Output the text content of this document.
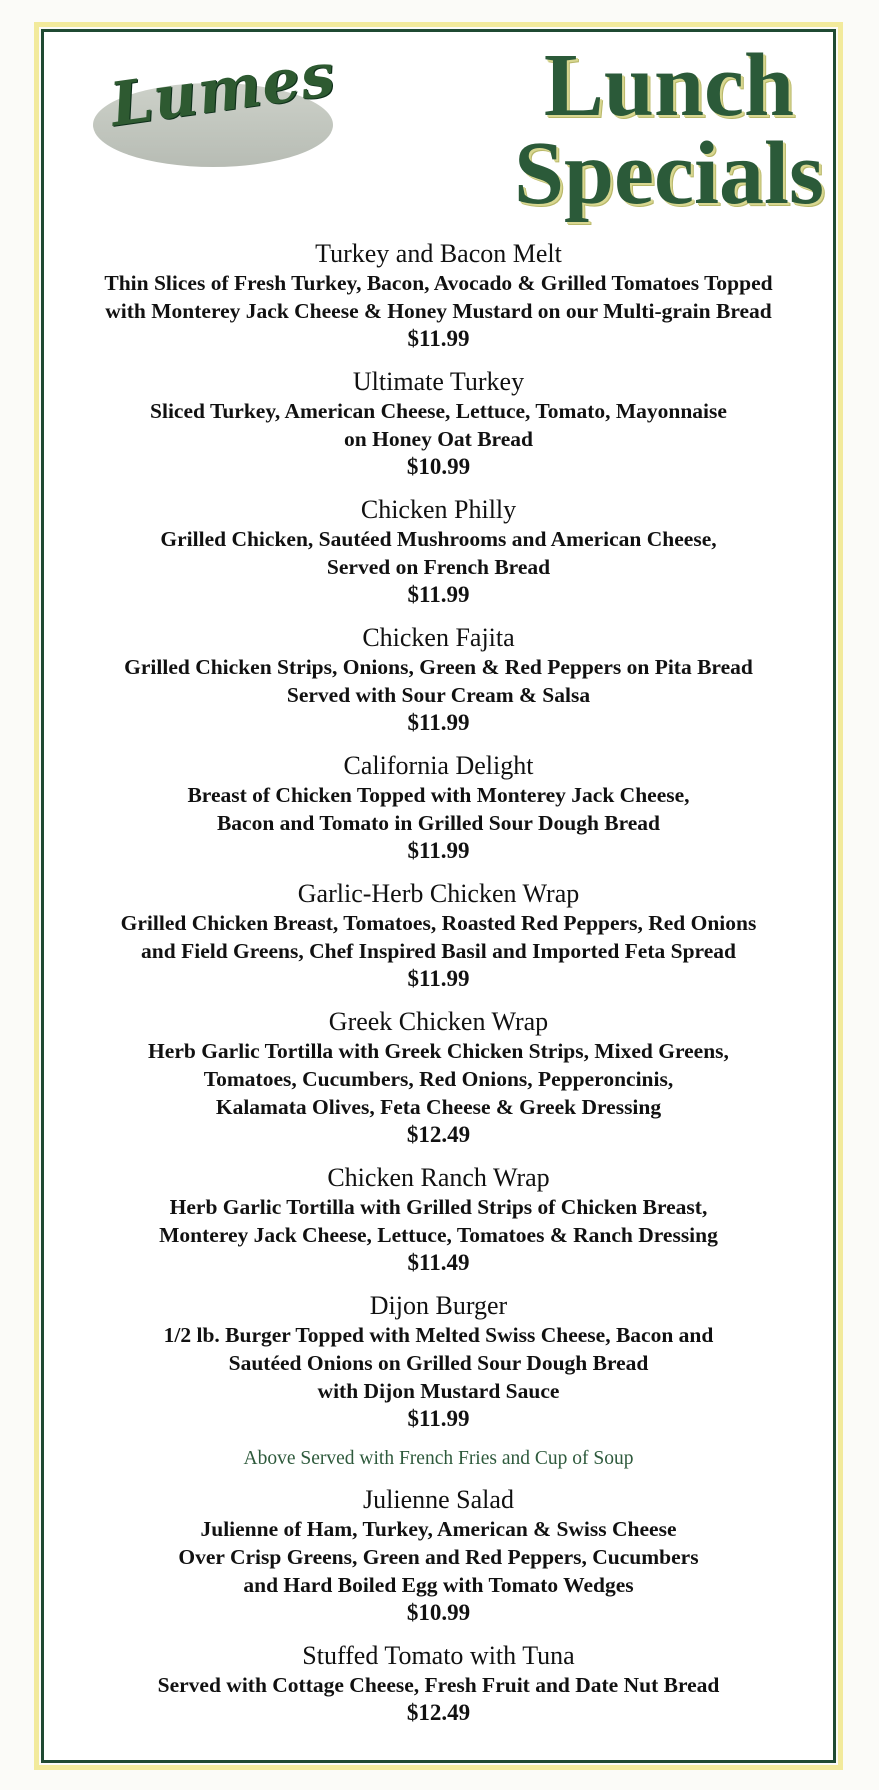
Lumes	Lunch
Specials
Turkey and Bacon Melt
Thin Slices of Fresh Turkey, Bacon, Avocado & Grilled Tomatoes Topped
with Monterey Jack Cheese & Honey Mustard on our Multi-grain Bread
$11.99
Ultimate Turkey
Sliced Turkey, American Cheese, Lettuce, Tomato, Mayonnaise
on Honey Oat Bread
$10.99
Chicken Philly
Grilled Chicken, Sautéed Mushrooms and American Cheese,
Served on French Bread
$11.99
Chicken Fajita
Grilled Chicken Strips, Onions, Green & Red Peppers on Pita Bread
Served with Sour Cream & Salsa
$11.99
California Delight
Breast of Chicken Topped with Monterey Jack Cheese,
Bacon and Tomato in Grilled Sour Dough Bread
$11.99
Garlic-Herb Chicken Wrap
Grilled Chicken Breast, Tomatoes, Roasted Red Peppers, Red Onions
and Field Greens, Chef Inspired Basil and Imported Feta Spread
$11.99
Greek Chicken Wrap
Herb Garlic Tortilla with Greek Chicken Strips, Mixed Greens,
Tomatoes, Cucumbers, Red Onions, Pepperoncinis,
Kalamata Olives, Feta Cheese & Greek Dressing
$12.49
Chicken Ranch Wrap
Herb Garlic Tortilla with Grilled Strips of Chicken Breast,
Monterey Jack Cheese, Lettuce, Tomatoes & Ranch Dressing
$11.49
Dijon Burger
1/2 lb. Burger Topped with Melted Swiss Cheese, Bacon and
Sautéed Onions on Grilled Sour Dough Bread
with Dijon Mustard Sauce
$11.99
Above Served with French Fries and Cup of Soup
Julienne Salad
Julienne of Ham, Turkey, American & Swiss Cheese
Over Crisp Greens, Green and Red Peppers, Cucumbers
and Hard Boiled Egg with Tomato Wedges
$10.99
Stuffed Tomato with Tuna
Served with Cottage Cheese, Fresh Fruit and Date Nut Bread
$12.49
